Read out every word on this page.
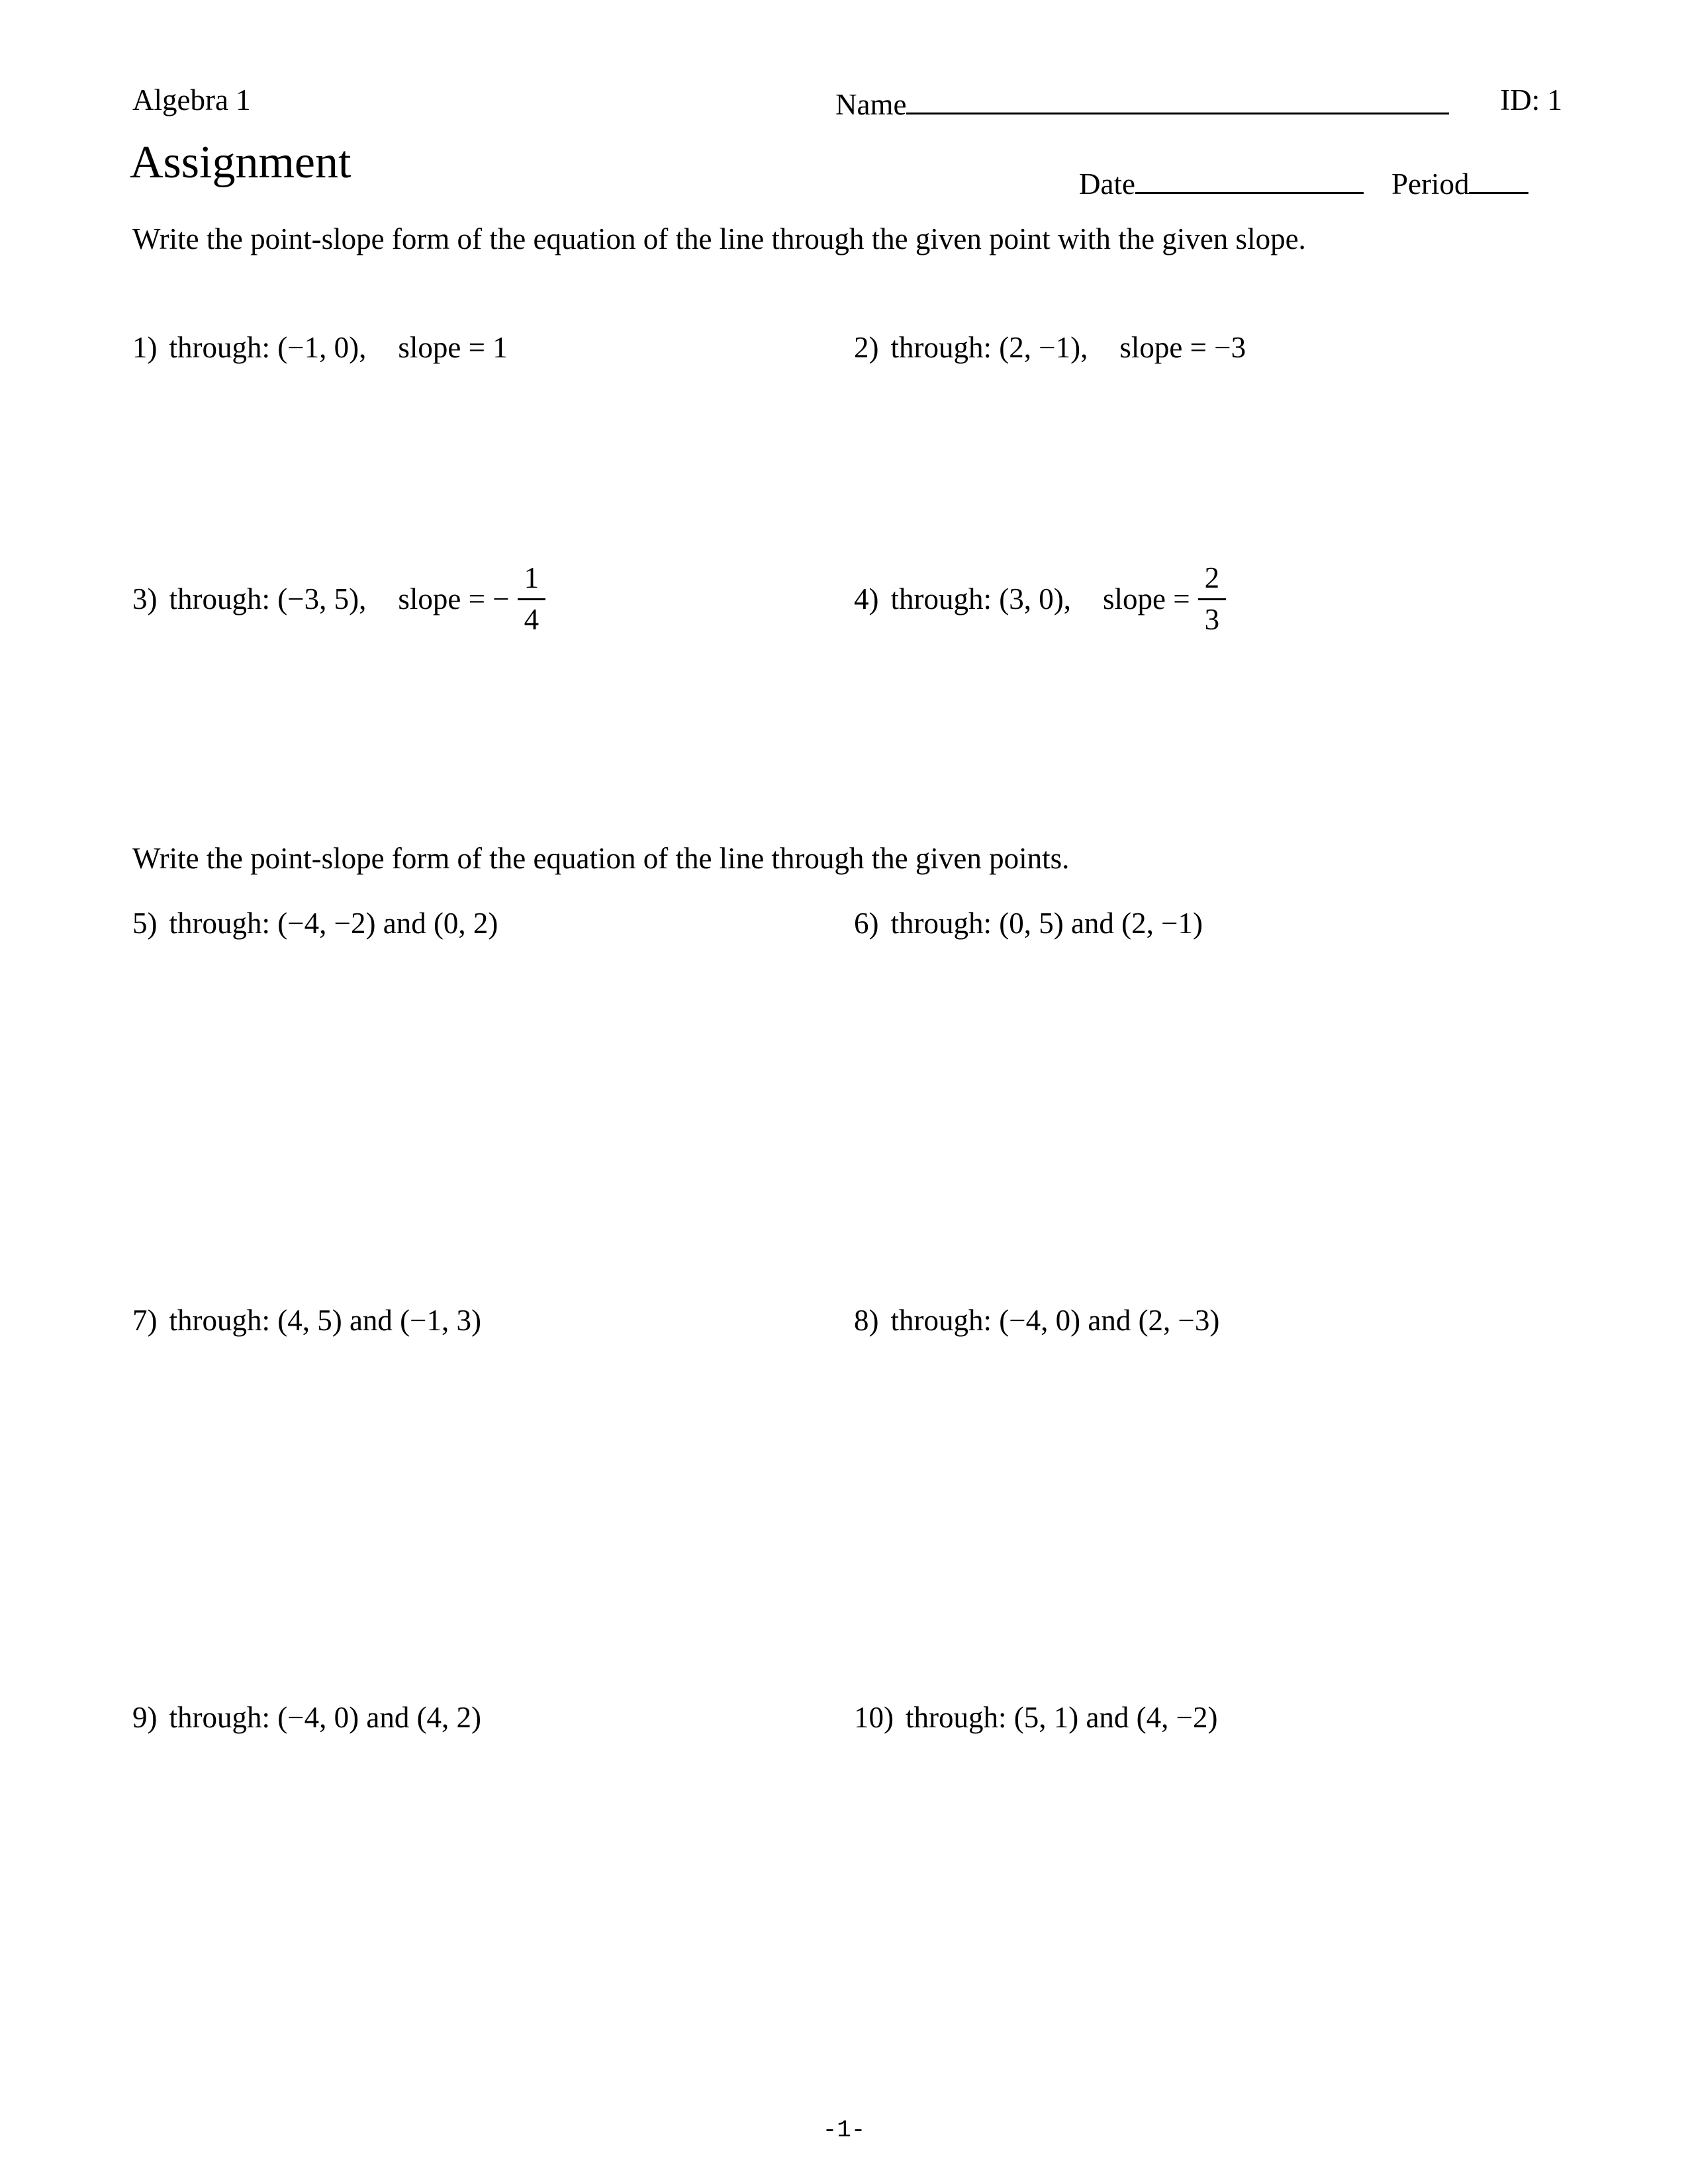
Algebra 1	Name	ID: 1
Assignment	Date	Period
Write the point-slope form of the equation of the line through the given point with the given slope.
1) through: (−1, 0), slope = 1	2) through: (2, −1), slope = −3
3) through: (−3, 5), slope = − $\frac{1}{4}$	4) through: (3, 0), slope = $\frac{2}{3}$
Write the point-slope form of the equation of the line through the given points.
5) through: (−4, −2) and (0, 2)	6) through: (0, 5) and (2, −1)
7) through: (4, 5) and (−1, 3)	8) through: (−4, 0) and (2, −3)
9) through: (−4, 0) and (4, 2)	10) through: (5, 1) and (4, −2)
-1-
